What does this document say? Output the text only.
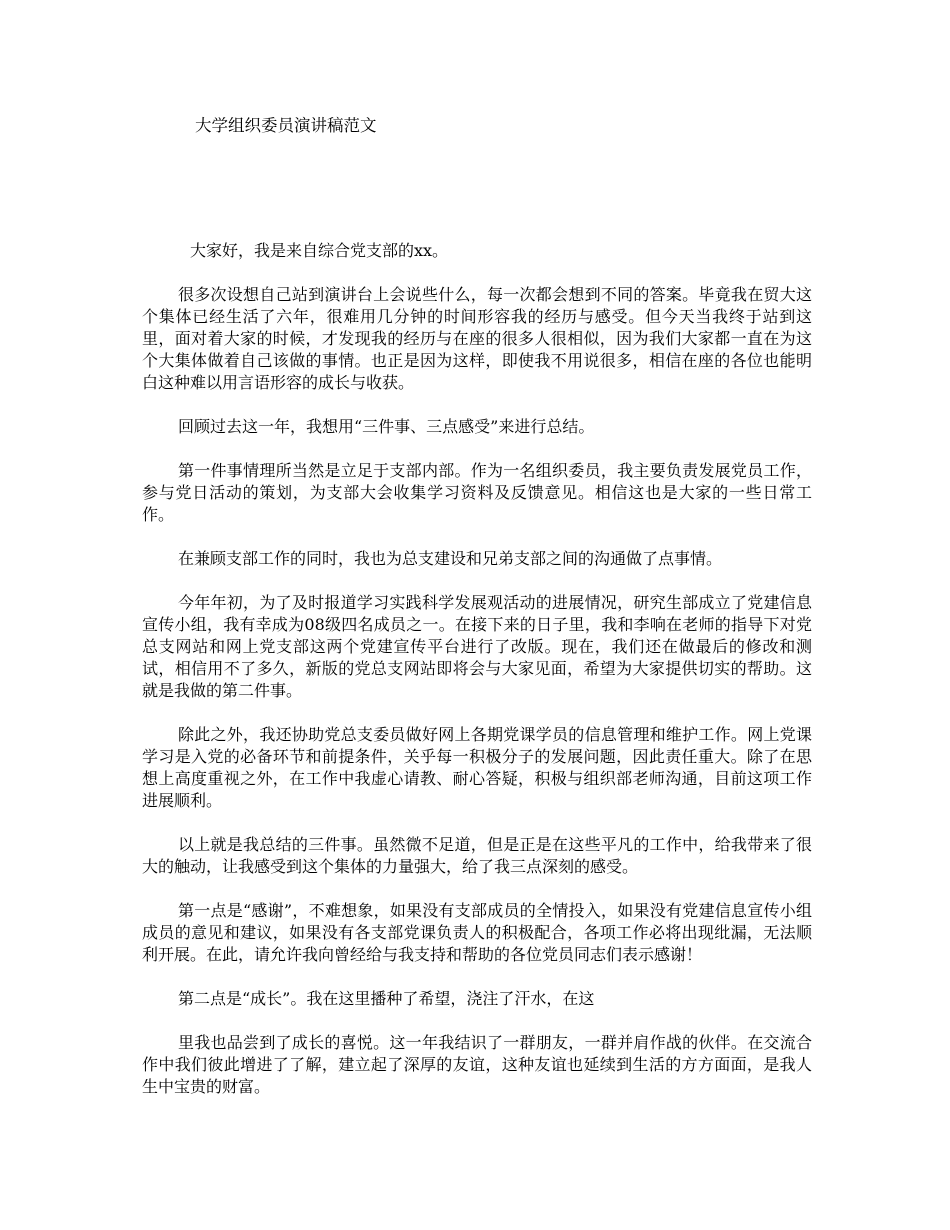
大学组织委员演讲稿范文

大家好，我是来自综合党支部的xx。

很多次设想自己站到演讲台上会说些什么，每一次都会想到不同的答案。毕竟我在贸大这个集体已经生活了六年，很难用几分钟的时间形容我的经历与感受。但今天当我终于站到这里，面对着大家的时候，才发现我的经历与在座的很多人很相似，因为我们大家都一直在为这个大集体做着自己该做的事情。也正是因为这样，即使我不用说很多，相信在座的各位也能明白这种难以用言语形容的成长与收获。

回顾过去这一年，我想用“三件事、三点感受”来进行总结。

第一件事情理所当然是立足于支部内部。作为一名组织委员，我主要负责发展党员工作，参与党日活动的策划，为支部大会收集学习资料及反馈意见。相信这也是大家的一些日常工作。

在兼顾支部工作的同时，我也为总支建设和兄弟支部之间的沟通做了点事情。

今年年初，为了及时报道学习实践科学发展观活动的进展情况，研究生部成立了党建信息宣传小组，我有幸成为08级四名成员之一。在接下来的日子里，我和李响在老师的指导下对党总支网站和网上党支部这两个党建宣传平台进行了改版。现在，我们还在做最后的修改和测试，相信用不了多久，新版的党总支网站即将会与大家见面，希望为大家提供切实的帮助。这就是我做的第二件事。

除此之外，我还协助党总支委员做好网上各期党课学员的信息管理和维护工作。网上党课学习是入党的必备环节和前提条件，关乎每一积极分子的发展问题，因此责任重大。除了在思想上高度重视之外，在工作中我虚心请教、耐心答疑，积极与组织部老师沟通，目前这项工作进展顺利。

以上就是我总结的三件事。虽然微不足道，但是正是在这些平凡的工作中，给我带来了很大的触动，让我感受到这个集体的力量强大，给了我三点深刻的感受。

第一点是“感谢”，不难想象，如果没有支部成员的全情投入，如果没有党建信息宣传小组成员的意见和建议，如果没有各支部党课负责人的积极配合，各项工作必将出现纰漏，无法顺利开展。在此，请允许我向曾经给与我支持和帮助的各位党员同志们表示感谢！

第二点是“成长”。我在这里播种了希望，浇注了汗水，在这

里我也品尝到了成长的喜悦。这一年我结识了一群朋友，一群并肩作战的伙伴。在交流合作中我们彼此增进了了解，建立起了深厚的友谊，这种友谊也延续到生活的方方面面，是我人生中宝贵的财富。
